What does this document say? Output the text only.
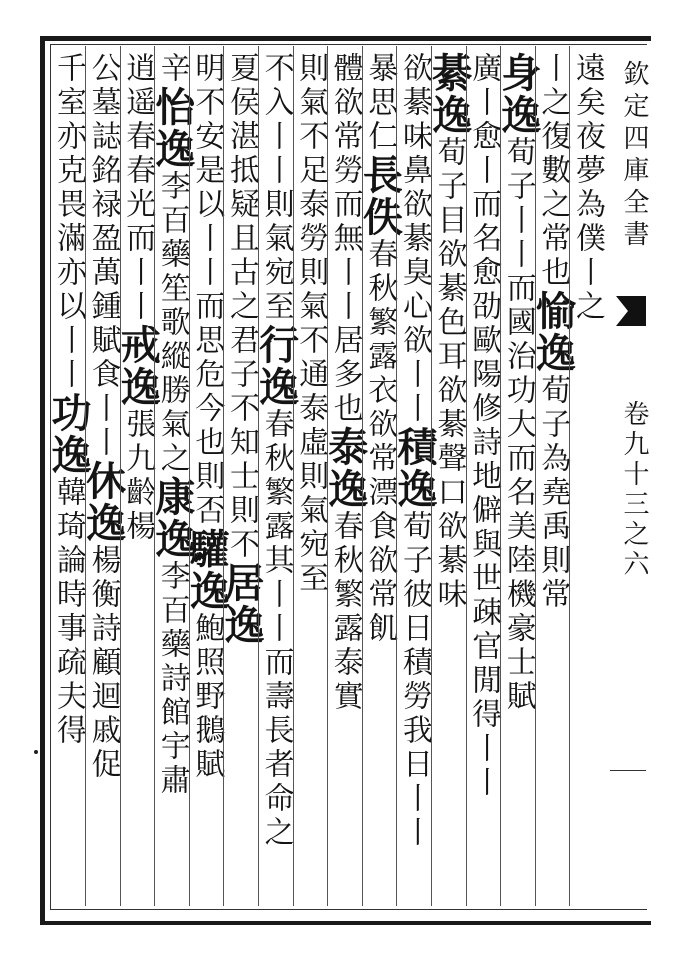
欽定四庫全書
卷九十三之六
遠矣夜夢為僕丨之
丨之復數之常也愉逸荀子為堯禹則常
身逸荀子丨丨而國治功大而名美陸機豪士賦
廣丨愈丨而名愈劭歐陽修詩地僻與世疎官閒得丨丨
綦逸荀子目欲綦色耳欲綦聲口欲綦味
欲綦味鼻欲綦臭心欲丨丨積逸荀子彼日積勞我日丨丨
暴思仁長佚春秋繁露衣欲常漂食欲常飢
體欲常勞而無丨丨居多也泰逸春秋繁露泰實
則氣不足泰勞則氣不通泰虛則氣宛至
不入丨丨則氣宛至行逸春秋繁露其丨丨而壽長者命之
夏侯湛抵疑且古之君子不知士則不居逸
明不安是以丨丨而思危今也則否驩逸鮑照野鵝賦
辛怡逸李百藥笙歌縱勝氣之康逸李百藥詩館宇肅
逍遥春春光而丨丨戒逸張九齡楊
公墓誌銘禄盈萬鍾賦食丨丨休逸楊衡詩顧迴戚促
千室亦克畏滿亦以丨丨功逸韓琦論時事疏夫得
